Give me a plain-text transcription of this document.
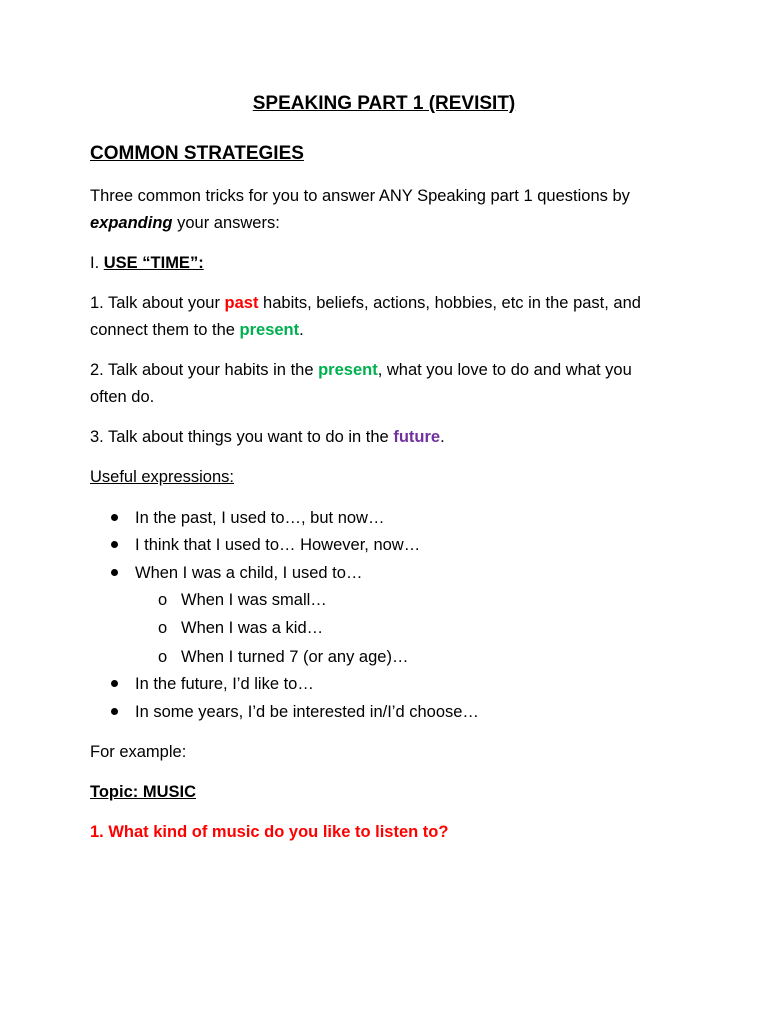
SPEAKING PART 1 (REVISIT)
COMMON STRATEGIES
Three common tricks for you to answer ANY Speaking part 1 questions by
expanding your answers:
I. USE “TIME”:
1. Talk about your past habits, beliefs, actions, hobbies, etc in the past, and
connect them to the present.
2. Talk about your habits in the present, what you love to do and what you
often do.
3. Talk about things you want to do in the future.
Useful expressions:
In the past, I used to…, but now…
I think that I used to… However, now…
When I was a child, I used to…
o When I was small…
o When I was a kid…
o When I turned 7 (or any age)…
In the future, I’d like to…
In some years, I’d be interested in/I’d choose…
For example:
Topic: MUSIC
1. What kind of music do you like to listen to?
